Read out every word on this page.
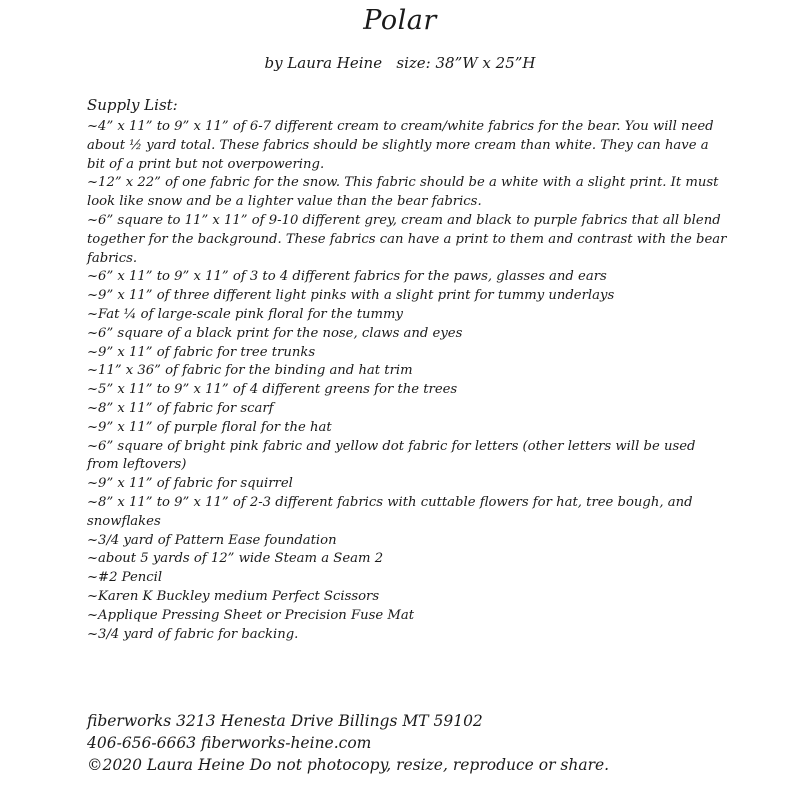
Polar
by Laura Heine   size: 38”W x 25”H
Supply List:
~4” x 11” to 9” x 11” of 6-7 different cream to cream/white fabrics for the bear. You will need about ½ yard total. These fabrics should be slightly more cream than white. They can have a bit of a print but not overpowering.
~12” x 22” of one fabric for the snow. This fabric should be a white with a slight print. It must look like snow and be a lighter value than the bear fabrics.
~6” square to 11” x 11” of 9-10 different grey, cream and black to purple fabrics that all blend together for the background. These fabrics can have a print to them and contrast with the bear fabrics.
~6” x 11” to 9” x 11” of 3 to 4 different fabrics for the paws, glasses and ears
~9” x 11” of three different light pinks with a slight print for tummy underlays
~Fat ¼ of large-scale pink floral for the tummy
~6” square of a black print for the nose, claws and eyes
~9” x 11” of fabric for tree trunks
~11” x 36” of fabric for the binding and hat trim
~5” x 11” to 9” x 11” of 4 different greens for the trees
~8” x 11” of fabric for scarf
~9” x 11” of purple floral for the hat
~6” square of bright pink fabric and yellow dot fabric for letters (other letters will be used from leftovers)
~9” x 11” of fabric for squirrel
~8” x 11” to 9” x 11” of 2-3 different fabrics with cuttable flowers for hat, tree bough, and snowflakes
~3/4 yard of Pattern Ease foundation
~about 5 yards of 12” wide Steam a Seam 2
~#2 Pencil
~Karen K Buckley medium Perfect Scissors
~Applique Pressing Sheet or Precision Fuse Mat
~3/4 yard of fabric for backing.
fiberworks 3213 Henesta Drive Billings MT 59102
406-656-6663 fiberworks-heine.com
©2020 Laura Heine Do not photocopy, resize, reproduce or share.
